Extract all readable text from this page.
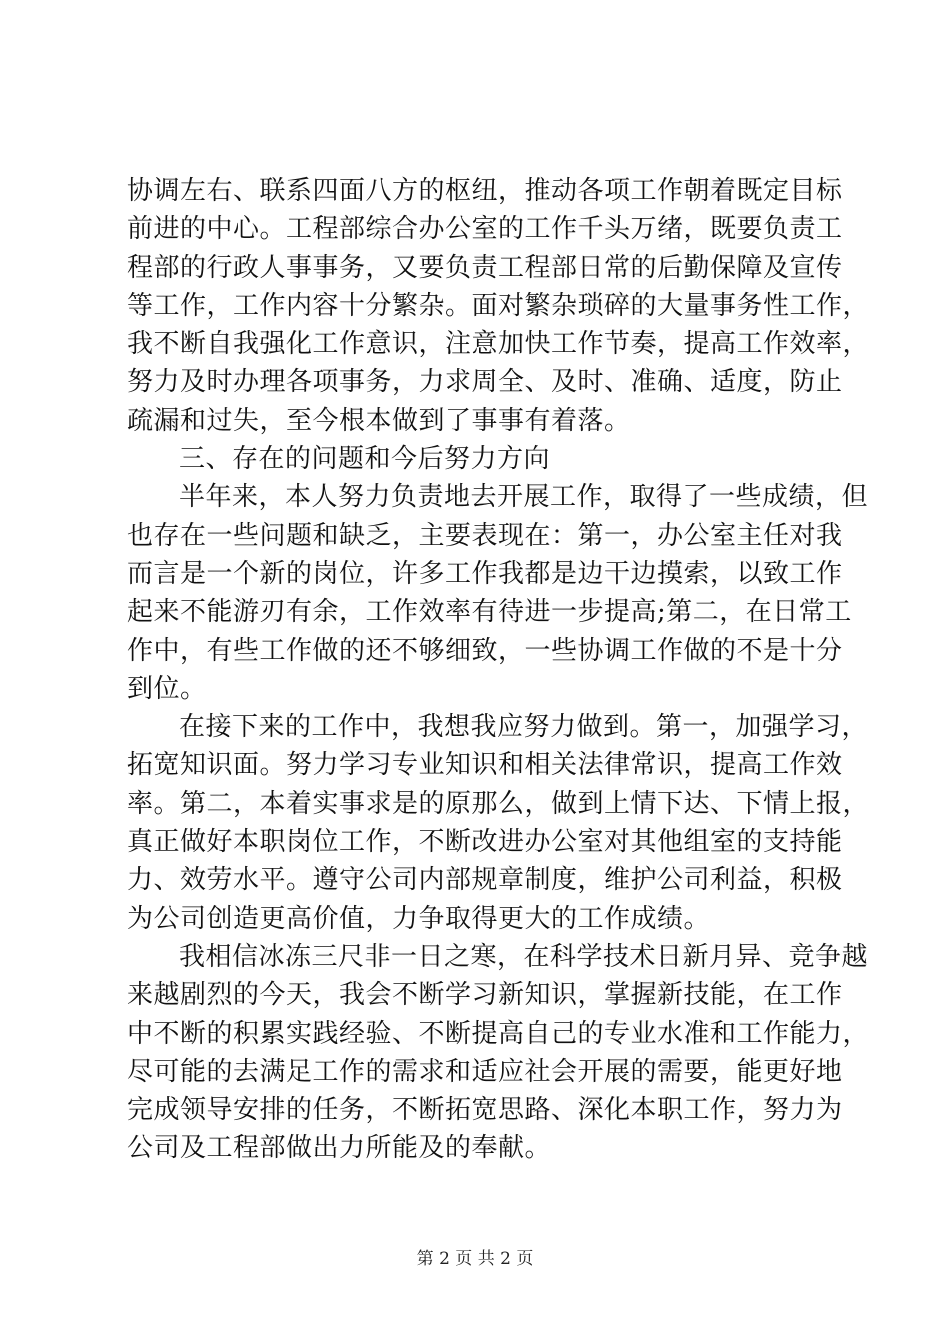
协调左右、联系四面八方的枢纽，推动各项工作朝着既定目标
前进的中心。工程部综合办公室的工作千头万绪，既要负责工
程部的行政人事事务，又要负责工程部日常的后勤保障及宣传
等工作，工作内容十分繁杂。面对繁杂琐碎的大量事务性工作，
我不断自我强化工作意识，注意加快工作节奏，提高工作效率，
努力及时办理各项事务，力求周全、及时、准确、适度，防止
疏漏和过失，至今根本做到了事事有着落。
三、存在的问题和今后努力方向
半年来，本人努力负责地去开展工作，取得了一些成绩，但
也存在一些问题和缺乏，主要表现在：第一，办公室主任对我
而言是一个新的岗位，许多工作我都是边干边摸索，以致工作
起来不能游刃有余，工作效率有待进一步提高;第二，在日常工
作中，有些工作做的还不够细致，一些协调工作做的不是十分
到位。
在接下来的工作中，我想我应努力做到。第一，加强学习，
拓宽知识面。努力学习专业知识和相关法律常识，提高工作效
率。第二，本着实事求是的原那么，做到上情下达、下情上报，
真正做好本职岗位工作，不断改进办公室对其他组室的支持能
力、效劳水平。遵守公司内部规章制度，维护公司利益，积极
为公司创造更高价值，力争取得更大的工作成绩。
我相信冰冻三尺非一日之寒，在科学技术日新月异、竞争越
来越剧烈的今天，我会不断学习新知识，掌握新技能，在工作
中不断的积累实践经验、不断提高自己的专业水准和工作能力，
尽可能的去满足工作的需求和适应社会开展的需要，能更好地
完成领导安排的任务，不断拓宽思路、深化本职工作，努力为
公司及工程部做出力所能及的奉献。
第 2 页 共 2 页
